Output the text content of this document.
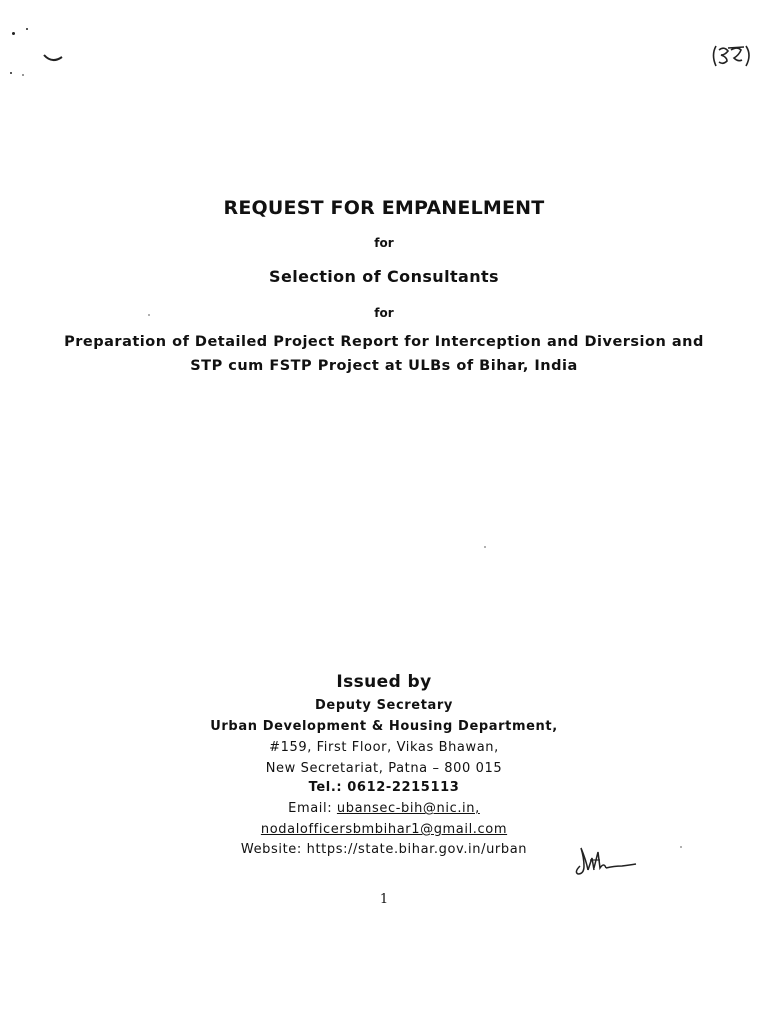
REQUEST FOR EMPANELMENT
for
Selection of Consultants
for
Preparation of Detailed Project Report for Interception and Diversion and
STP cum FSTP Project at ULBs of Bihar, India
Issued by
Deputy Secretary
Urban Development & Housing Department,
#159, First Floor, Vikas Bhawan,
New Secretariat, Patna – 800 015
Tel.: 0612-2215113
Email: ubansec-bih@nic.in,
nodalofficersbmbihar1@gmail.com
Website: https://state.bihar.gov.in/urban
1
